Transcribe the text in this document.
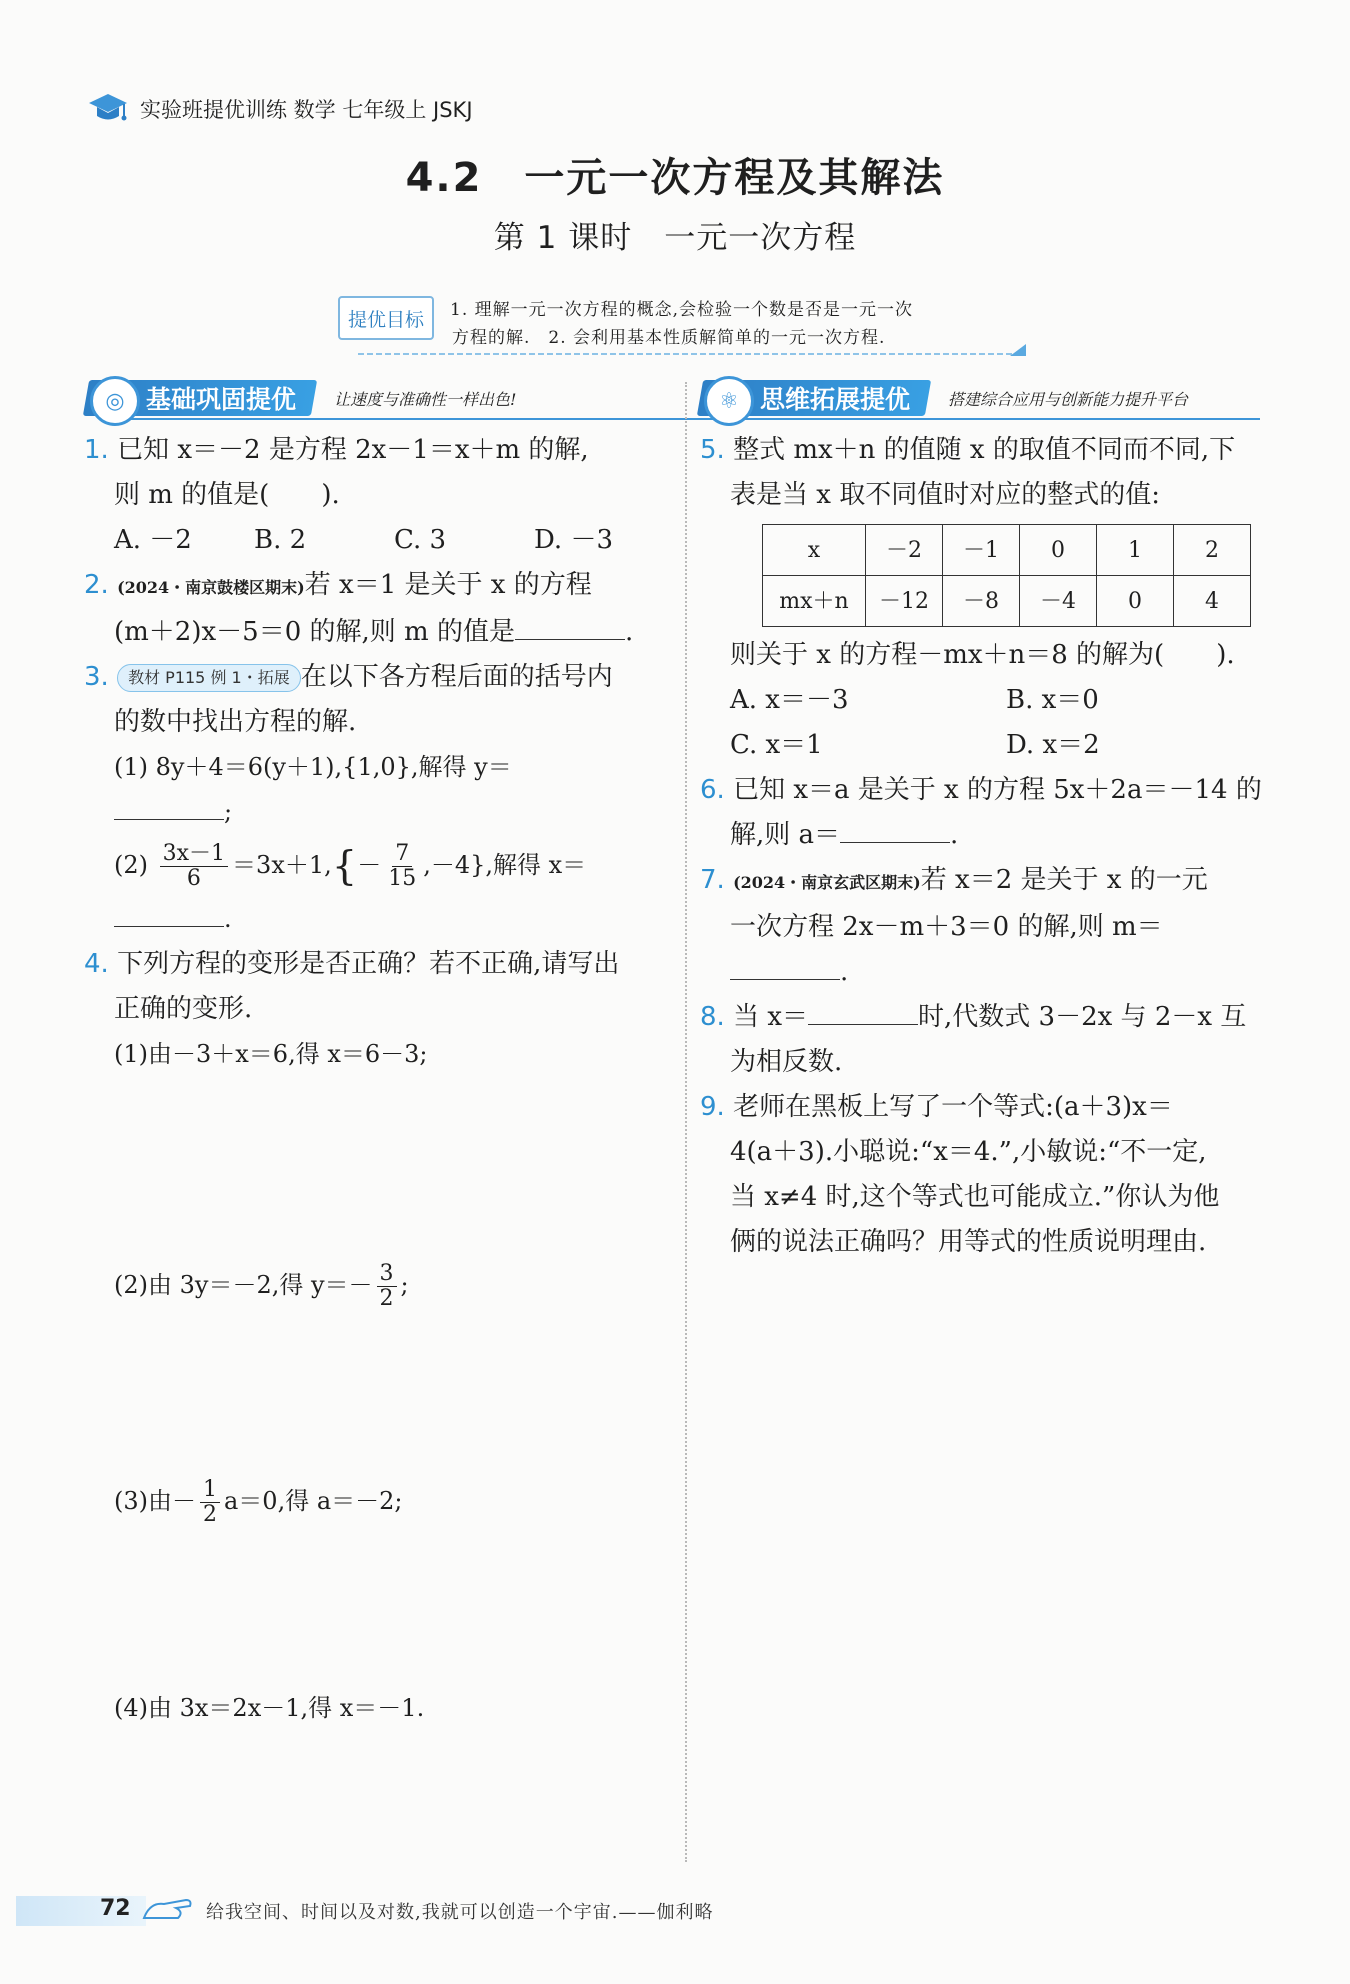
实验班提优训练 数学 七年级上 JSKJ
4.2　一元一次方程及其解法
第 1 课时　一元一次方程
提优目标	1. 理解一元一次方程的概念,会检验一个数是否是一元一次
方程的解.　2. 会利用基本性质解简单的一元一次方程.
◎ 基础巩固提优 让速度与准确性一样出色!	⚛ 思维拓展提优 搭建综合应用与创新能力提升平台
1. 已知 x＝－2 是方程 2x－1＝x＋m 的解,
则 m 的值是(　　).
A. －2	B. 2	C. 3	D. －3
2. (2024・南京鼓楼区期末)若 x＝1 是关于 x 的方程
(m＋2)x－5＝0 的解,则 m 的值是	.
3. 教材 P115 例 1・拓展 在以下各方程后面的括号内
的数中找出方程的解.
(1) 8y＋4＝6(y＋1),{1,0},解得 y＝
;
$(2) \frac{3x-1}{6} =3x+1,\{- \frac{7}{15} ,-4\}$,解得 x＝
.
4. 下列方程的变形是否正确？若不正确,请写出
正确的变形.
(1)由－3＋x＝6,得 x＝6－3;
(2)由 3y＝－2,得 $y=- \frac{3}{2}$ ;
(3)由－ $\frac{1}{2} a=0$,得 a＝－2;
(4)由 3x＝2x－1,得 x＝－1.
5. 整式 mx＋n 的值随 x 的取值不同而不同,下
表是当 x 取不同值时对应的整式的值:
x	－2	－1	0	1	2
mx＋n	－12	－8	－4	0	4
则关于 x 的方程－mx＋n＝8 的解为(　　).
A. x＝－3	B. x＝0
C. x＝1	D. x＝2
6. 已知 x＝a 是关于 x 的方程 5x＋2a＝－14 的
解,则 a＝	.
7. (2024・南京玄武区期末)若 x＝2 是关于 x 的一元
一次方程 2x－m＋3＝0 的解,则 m＝
.
8. 当 x＝	时,代数式 3－2x 与 2－x 互
为相反数.
9. 老师在黑板上写了一个等式:(a＋3)x＝
4(a＋3).小聪说:“x＝4.”,小敏说:“不一定,
当 x≠4 时,这个等式也可能成立.”你认为他
俩的说法正确吗？用等式的性质说明理由.
72	给我空间、时间以及对数,我就可以创造一个宇宙.——伽利略
